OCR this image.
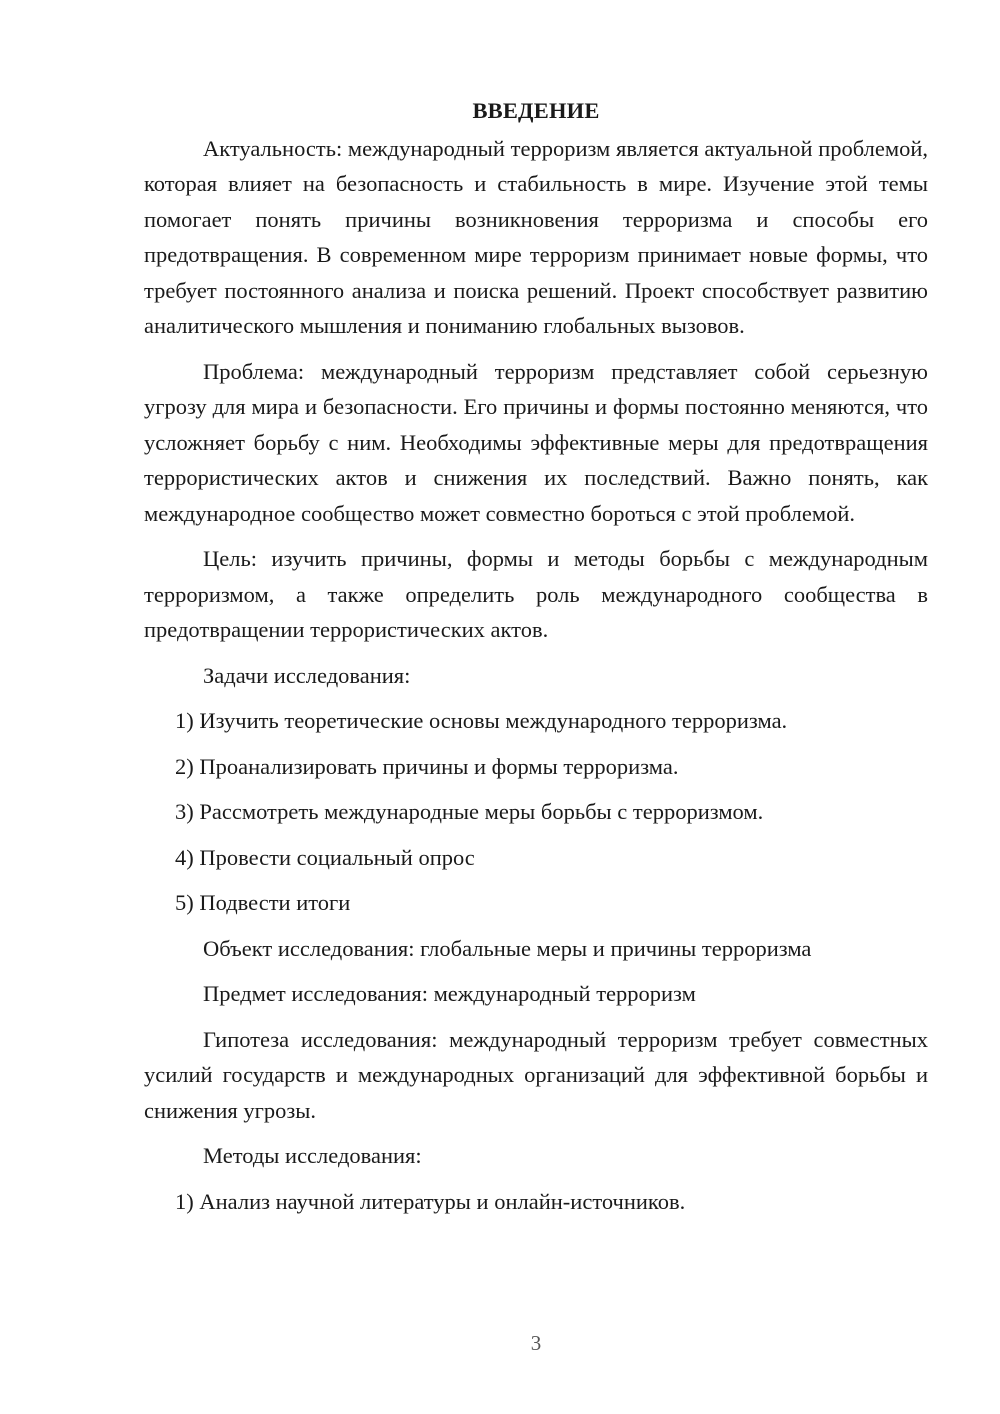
ВВЕДЕНИЕ

Актуальность: международный терроризм является актуальной проблемой, которая влияет на безопасность и стабильность в мире. Изучение этой темы помогает понять причины возникновения терроризма и способы его предотвращения. В современном мире терроризм принимает новые формы, что требует постоянного анализа и поиска решений. Проект способствует развитию аналитического мышления и пониманию глобальных вызовов.

Проблема: международный терроризм представляет собой серьезную угрозу для мира и безопасности. Его причины и формы постоянно меняются, что усложняет борьбу с ним. Необходимы эффективные меры для предотвращения террористических актов и снижения их последствий. Важно понять, как международное сообщество может совместно бороться с этой проблемой.

Цель: изучить причины, формы и методы борьбы с международным терроризмом, а также определить роль международного сообщества в предотвращении террористических актов.

Задачи исследования:
1) Изучить теоретические основы международного терроризма.
2) Проанализировать причины и формы терроризма.
3) Рассмотреть международные меры борьбы с терроризмом.
4) Провести социальный опрос
5) Подвести итоги
Объект исследования: глобальные меры и причины терроризма
Предмет исследования: международный терроризм

Гипотеза исследования: международный терроризм требует совместных усилий государств и международных организаций для эффективной борьбы и снижения угрозы.

Методы исследования:
1) Анализ научной литературы и онлайн-источников.
3
